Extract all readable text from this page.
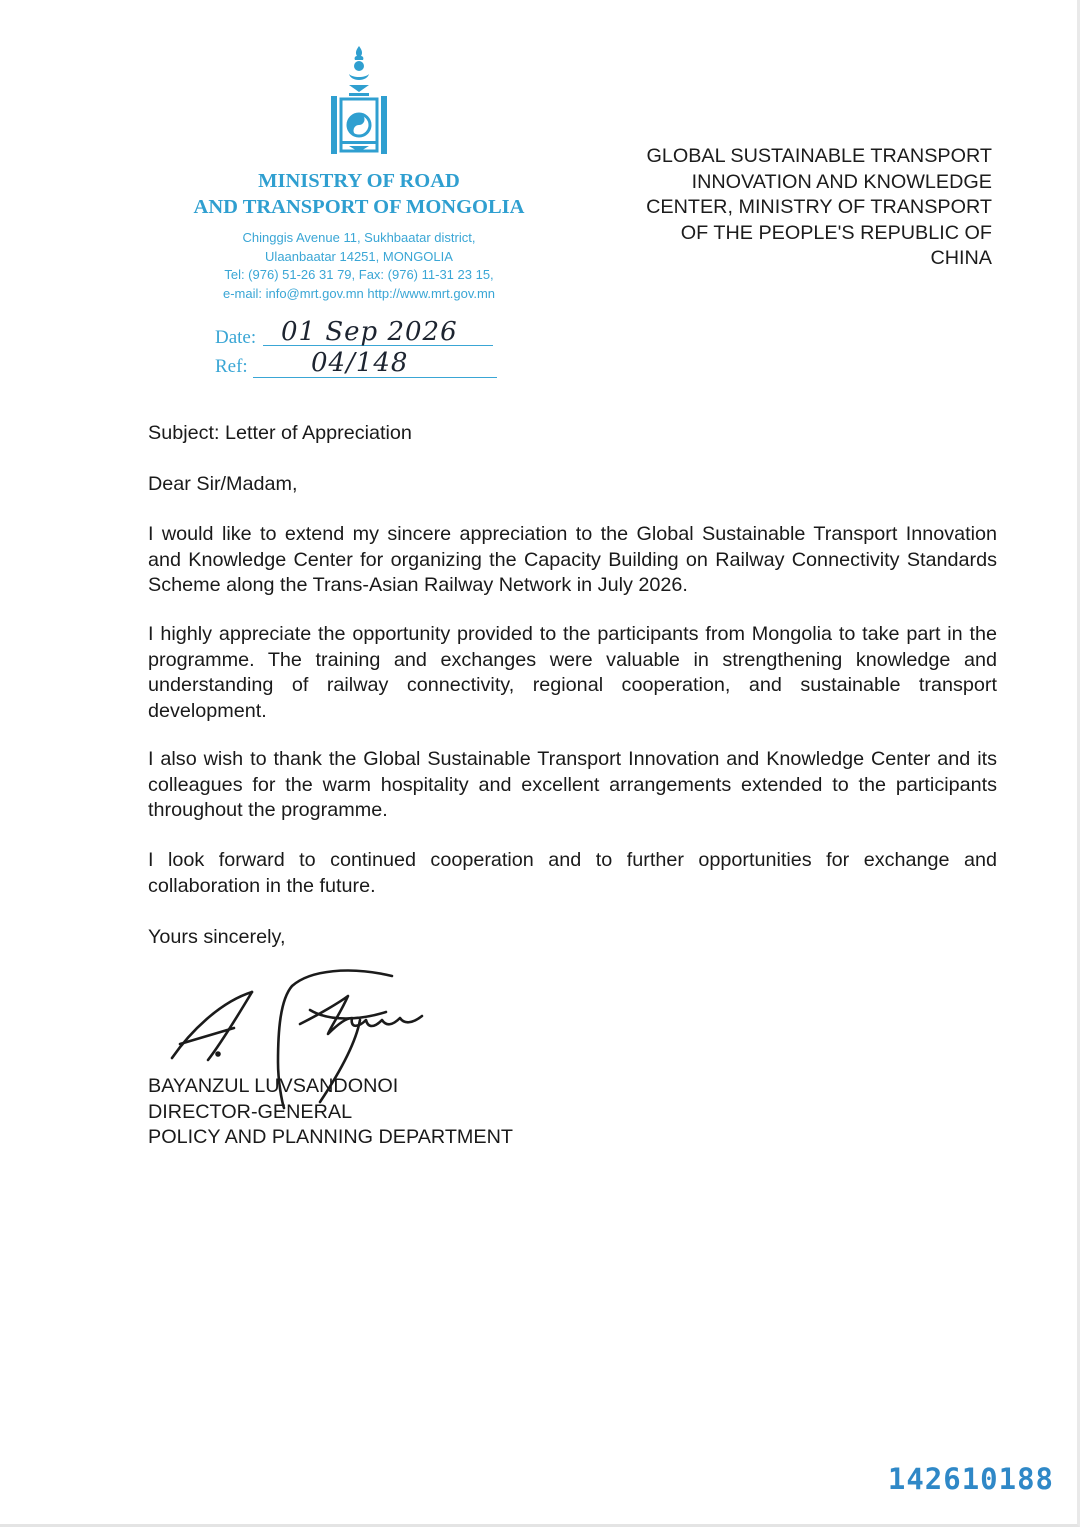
MINISTRY OF ROAD
AND TRANSPORT OF MONGOLIA
Chinggis Avenue 11, Sukhbaatar district,
Ulaanbaatar 14251, MONGOLIA
Tel: (976) 51-26 31 79, Fax: (976) 11-31 23 15,
e-mail: info@mrt.gov.mn http://www.mrt.gov.mn
Date: 01 Sep 2026
Ref: 04/148
GLOBAL SUSTAINABLE TRANSPORT
INNOVATION AND KNOWLEDGE
CENTER, MINISTRY OF TRANSPORT
OF THE PEOPLE'S REPUBLIC OF
CHINA
Subject: Letter of Appreciation
Dear Sir/Madam,

I would like to extend my sincere appreciation to the Global Sustainable Transport Innovation and Knowledge Center for organizing the Capacity Building on Railway Connectivity Standards Scheme along the Trans-Asian Railway Network in July 2026.

I highly appreciate the opportunity provided to the participants from Mongolia to take part in the programme. The training and exchanges were valuable in strengthening knowledge and understanding of railway connectivity, regional cooperation, and sustainable transport development.

I also wish to thank the Global Sustainable Transport Innovation and Knowledge Center and its colleagues for the warm hospitality and excellent arrangements extended to the participants throughout the programme.

I look forward to continued cooperation and to further opportunities for exchange and collaboration in the future.

Yours sincerely,
BAYANZUL LUVSANDONOI
DIRECTOR-GENERAL
POLICY AND PLANNING DEPARTMENT
142610188
